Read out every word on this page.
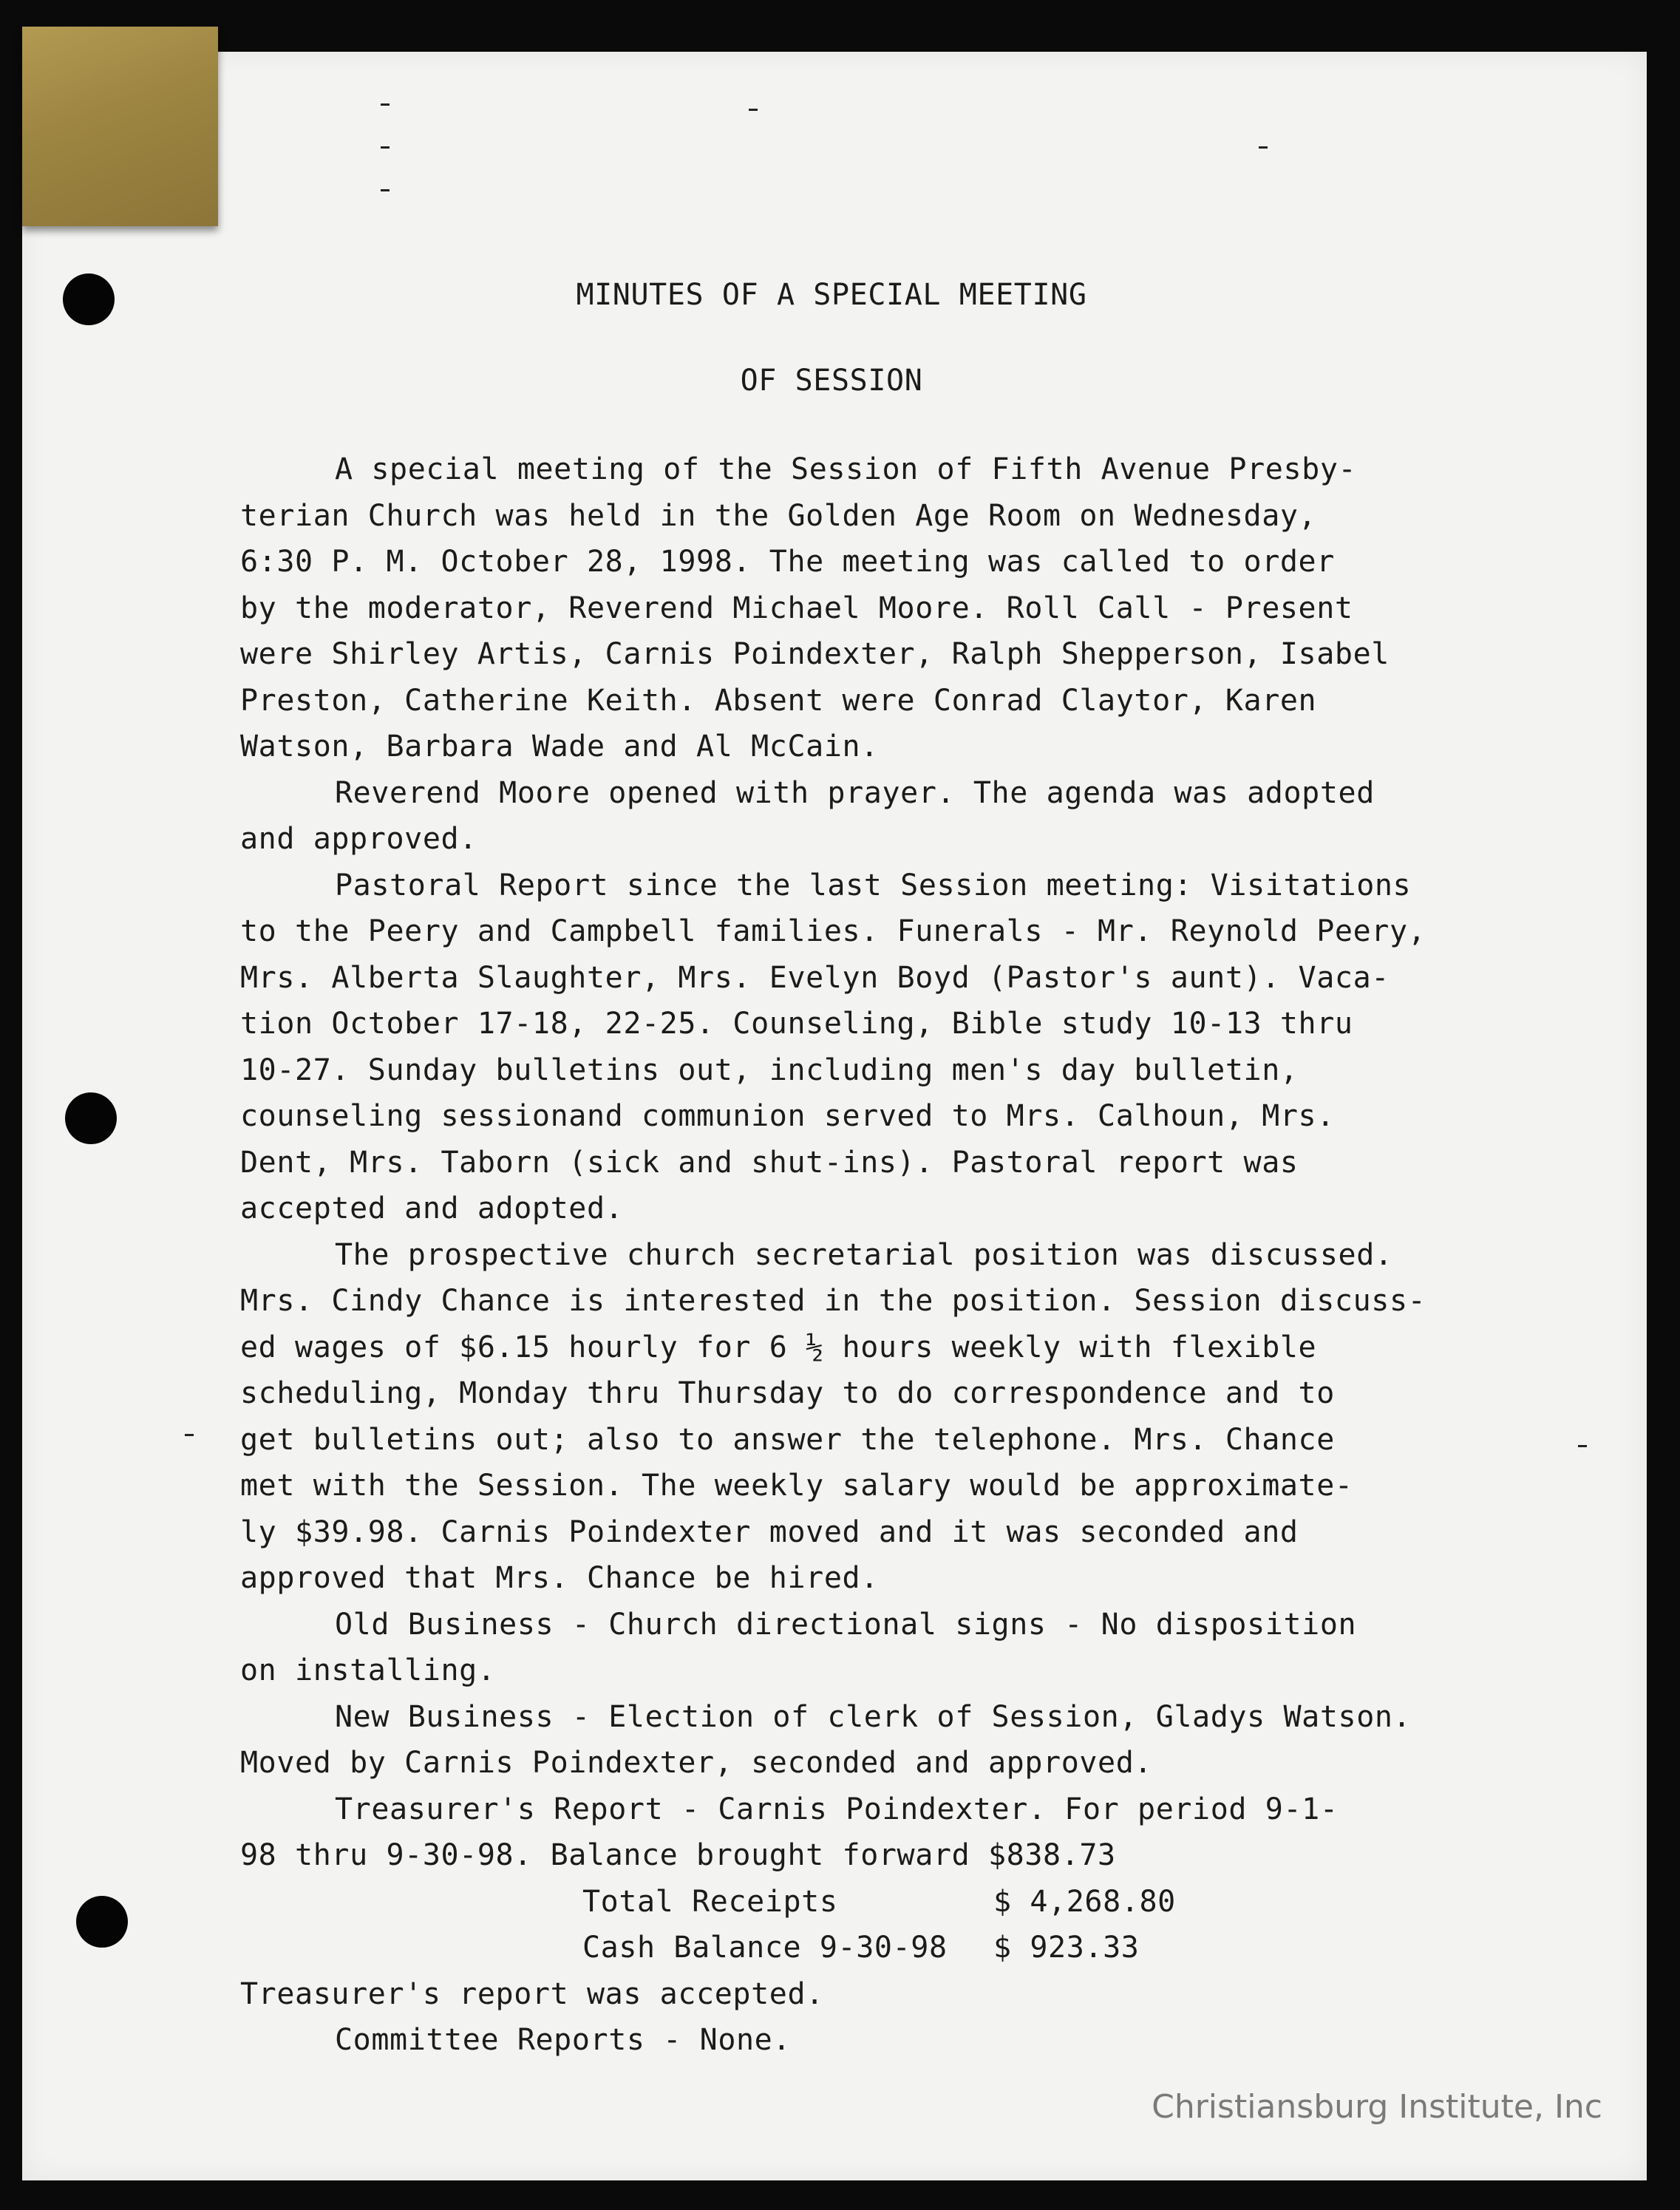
MINUTES OF A SPECIAL MEETING

OF SESSION

A special meeting of the Session of Fifth Avenue Presby-
terian Church was held in the Golden Age Room on Wednesday,
6:30 P. M. October 28, 1998. The meeting was called to order
by the moderator, Reverend Michael Moore. Roll Call - Present
were Shirley Artis, Carnis Poindexter, Ralph Shepperson, Isabel
Preston, Catherine Keith. Absent were Conrad Claytor, Karen
Watson, Barbara Wade and Al McCain.

Reverend Moore opened with prayer. The agenda was adopted
and approved.

Pastoral Report since the last Session meeting: Visitations
to the Peery and Campbell families. Funerals - Mr. Reynold Peery,
Mrs. Alberta Slaughter, Mrs. Evelyn Boyd (Pastor's aunt). Vaca-
tion October 17-18, 22-25. Counseling, Bible study 10-13 thru
10-27. Sunday bulletins out, including men's day bulletin,
counseling sessionand communion served to Mrs. Calhoun, Mrs.
Dent, Mrs. Taborn (sick and shut-ins). Pastoral report was
accepted and adopted.

The prospective church secretarial position was discussed.
Mrs. Cindy Chance is interested in the position. Session discuss-
ed wages of $6.15 hourly for 6 ½ hours weekly with flexible
scheduling, Monday thru Thursday to do correspondence and to
get bulletins out; also to answer the telephone. Mrs. Chance
met with the Session. The weekly salary would be approximate-
ly $39.98. Carnis Poindexter moved and it was seconded and
approved that Mrs. Chance be hired.

Old Business - Church directional signs - No disposition
on installing.

New Business - Election of clerk of Session, Gladys Watson.
Moved by Carnis Poindexter, seconded and approved.

Treasurer's Report - Carnis Poindexter. For period 9-1-
98 thru 9-30-98. Balance brought forward $838.73

Total Receipts	$ 4,268.80
Cash Balance 9-30-98	$ 923.33

Treasurer's report was accepted.

Committee Reports - None.

Christiansburg Institute, Inc
